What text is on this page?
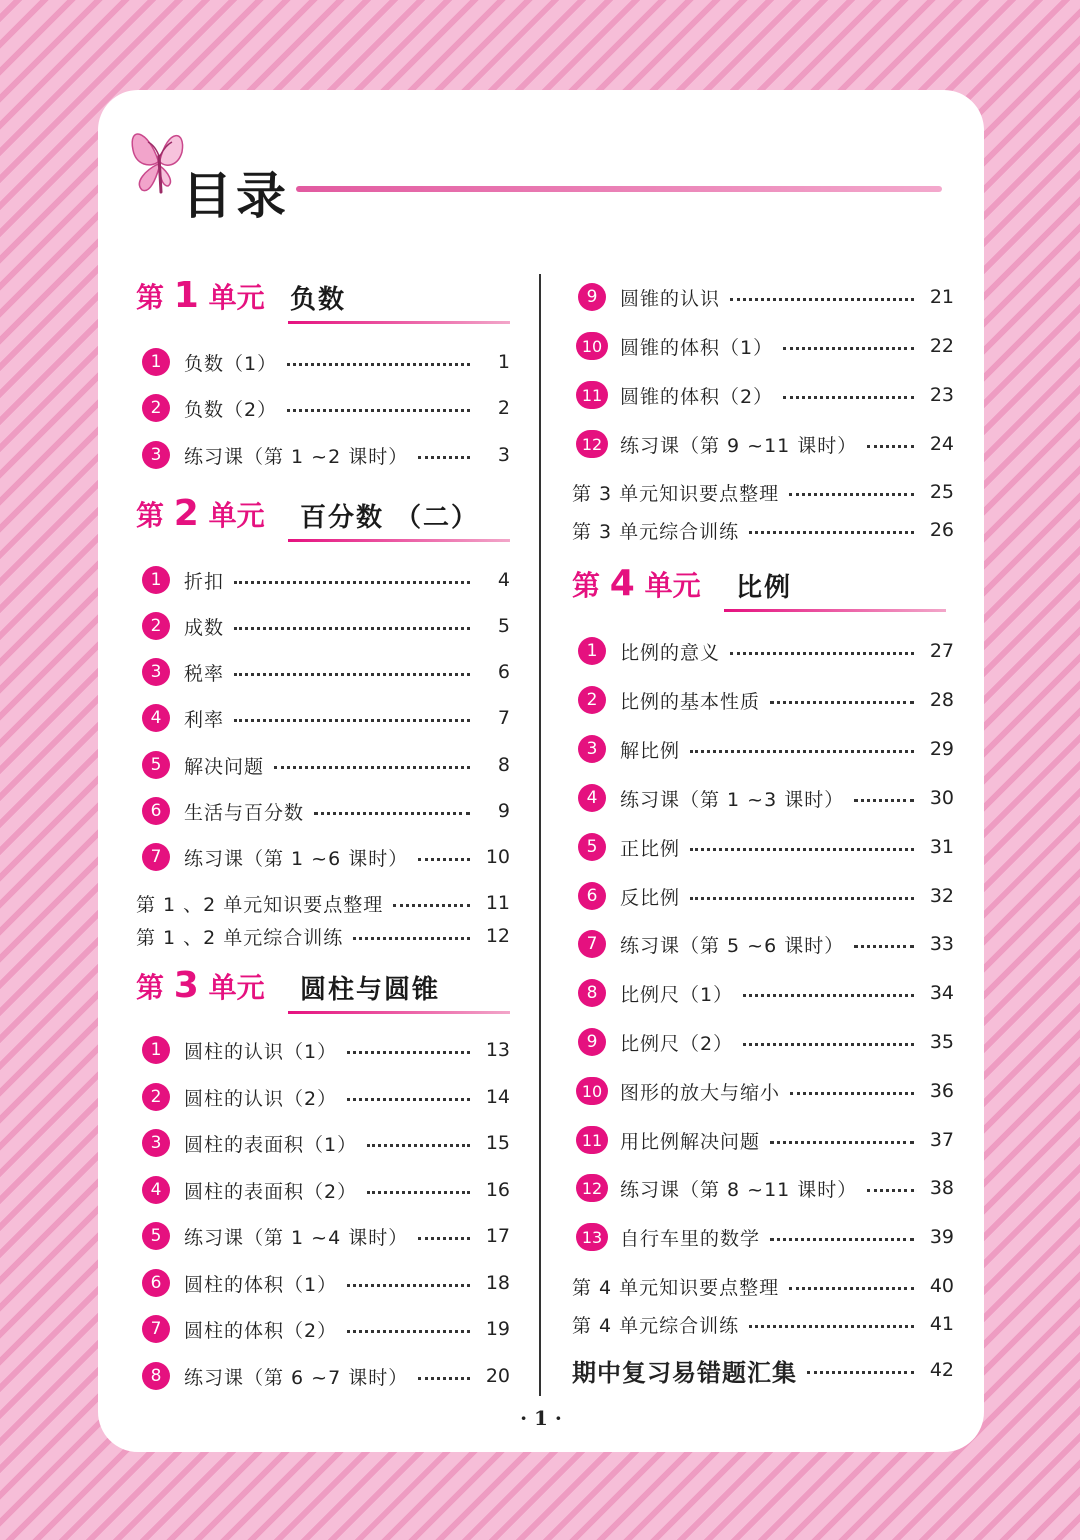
目录
第 1 单元 负数
1	负数（1）	1
2	负数（2）	2
3	练习课（第 1 ~2 课时）	3
第 2 单元 百分数 （二）
1	折扣	4
2	成数	5
3	税率	6
4	利率	7
5	解决问题	8
6	生活与百分数	9
7	练习课（第 1 ~6 课时）	10
第 1 、2 单元知识要点整理	11
第 1 、2 单元综合训练	12
第 3 单元 圆柱与圆锥
1	圆柱的认识（1）	13
2	圆柱的认识（2）	14
3	圆柱的表面积（1）	15
4	圆柱的表面积（2）	16
5	练习课（第 1 ~4 课时）	17
6	圆柱的体积（1）	18
7	圆柱的体积（2）	19
8	练习课（第 6 ~7 课时）	20
9	圆锥的认识	21
10 圆锥的体积（1）	22
11 圆锥的体积（2）	23
12 练习课（第 9 ~11 课时）	24
第 3 单元知识要点整理	25
第 3 单元综合训练	26
第 4 单元 比例
1	比例的意义	27
2	比例的基本性质	28
3	解比例	29
4	练习课（第 1 ~3 课时）	30
5	正比例	31
6	反比例	32
7	练习课（第 5 ~6 课时）	33
8	比例尺（1）	34
9	比例尺（2）	35
10 图形的放大与缩小	36
11 用比例解决问题	37
12 练习课（第 8 ~11 课时）	38
13 自行车里的数学	39
第 4 单元知识要点整理	40
第 4 单元综合训练	41
期中复习易错题汇集	42
· 1 ·
